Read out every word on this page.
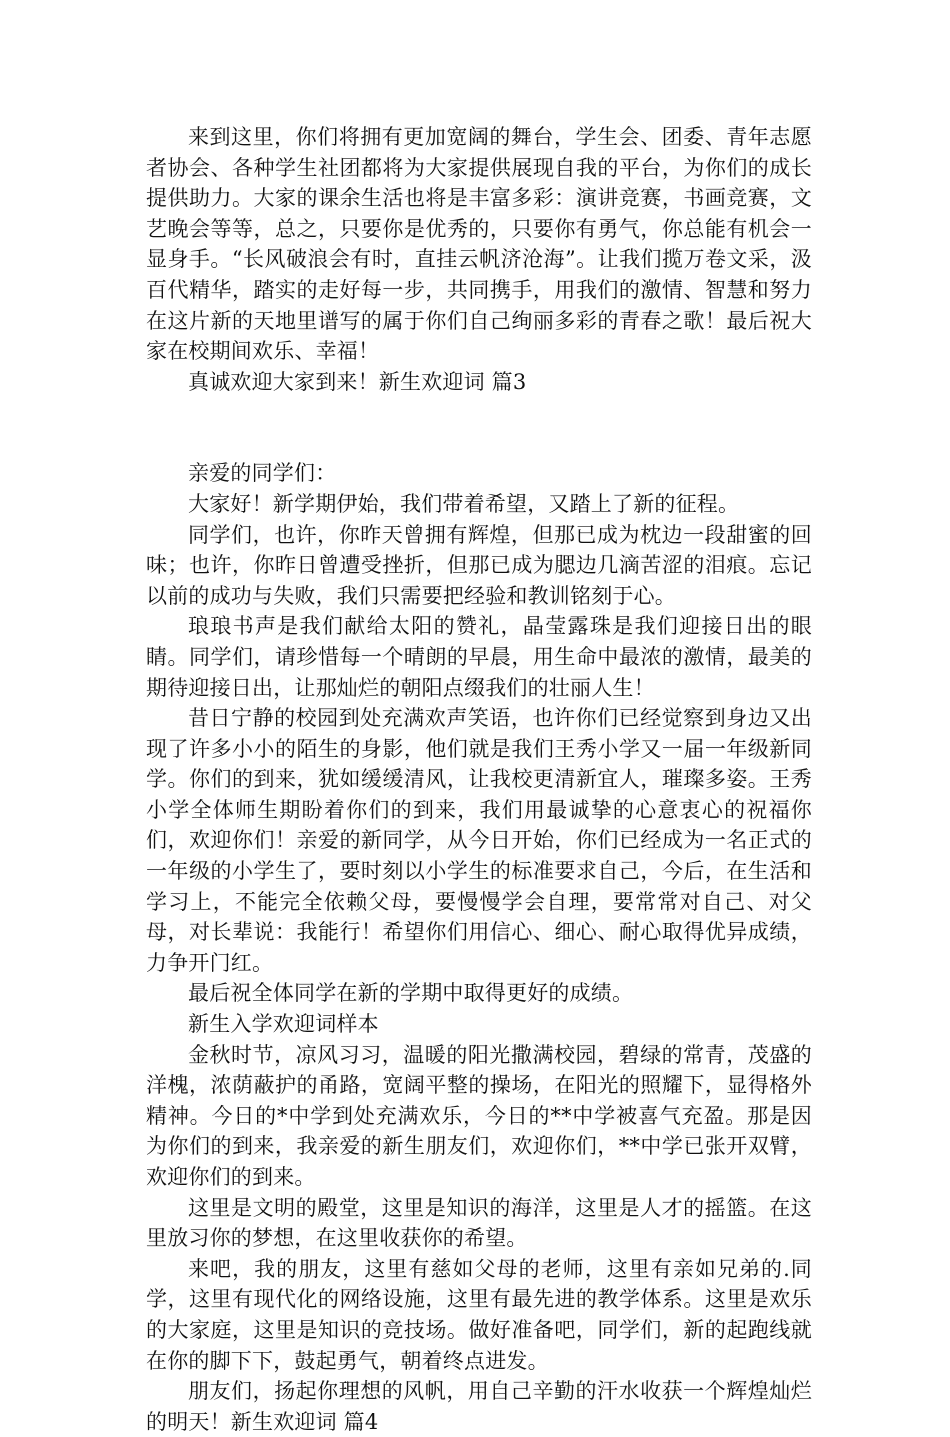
来到这里，你们将拥有更加宽阔的舞台，学生会、团委、青年志愿者协会、各种学生社团都将为大家提供展现自我的平台，为你们的成长提供助力。大家的课余生活也将是丰富多彩：演讲竞赛，书画竞赛，文艺晚会等等，总之，只要你是优秀的，只要你有勇气，你总能有机会一显身手。“长风破浪会有时，直挂云帆济沧海”。让我们揽万卷文采，汲百代精华，踏实的走好每一步，共同携手，用我们的激情、智慧和努力在这片新的天地里谱写的属于你们自己绚丽多彩的青春之歌！最后祝大家在校期间欢乐、幸福！

真诚欢迎大家到来！新生欢迎词 篇3

亲爱的同学们：

大家好！新学期伊始，我们带着希望，又踏上了新的征程。

同学们，也许，你昨天曾拥有辉煌，但那已成为枕边一段甜蜜的回味；也许，你昨日曾遭受挫折，但那已成为腮边几滴苦涩的泪痕。忘记以前的成功与失败，我们只需要把经验和教训铭刻于心。

琅琅书声是我们献给太阳的赞礼，晶莹露珠是我们迎接日出的眼睛。同学们，请珍惜每一个晴朗的早晨，用生命中最浓的激情，最美的期待迎接日出，让那灿烂的朝阳点缀我们的壮丽人生！

昔日宁静的校园到处充满欢声笑语，也许你们已经觉察到身边又出现了许多小小的陌生的身影，他们就是我们王秀小学又一届一年级新同学。你们的到来，犹如缓缓清风，让我校更清新宜人，璀璨多姿。王秀小学全体师生期盼着你们的到来，我们用最诚挚的心意衷心的祝福你们，欢迎你们！亲爱的新同学，从今日开始，你们已经成为一名正式的一年级的小学生了，要时刻以小学生的标准要求自己，今后，在生活和学习上，不能完全依赖父母，要慢慢学会自理，要常常对自己、对父母，对长辈说：我能行！希望你们用信心、细心、耐心取得优异成绩，力争开门红。

最后祝全体同学在新的学期中取得更好的成绩。

新生入学欢迎词样本

金秋时节，凉风习习，温暖的阳光撒满校园，碧绿的常青，茂盛的洋槐，浓荫蔽护的甬路，宽阔平整的操场，在阳光的照耀下，显得格外精神。今日的*中学到处充满欢乐，今日的**中学被喜气充盈。那是因为你们的到来，我亲爱的新生朋友们，欢迎你们，**中学已张开双臂，欢迎你们的到来。

这里是文明的殿堂，这里是知识的海洋，这里是人才的摇篮。在这里放习你的梦想，在这里收获你的希望。

来吧，我的朋友，这里有慈如父母的老师，这里有亲如兄弟的.同学，这里有现代化的网络设施，这里有最先进的教学体系。这里是欢乐的大家庭，这里是知识的竞技场。做好准备吧，同学们，新的起跑线就在你的脚下下，鼓起勇气，朝着终点进发。

朋友们，扬起你理想的风帆，用自己辛勤的汗水收获一个辉煌灿烂的明天！新生欢迎词 篇4
